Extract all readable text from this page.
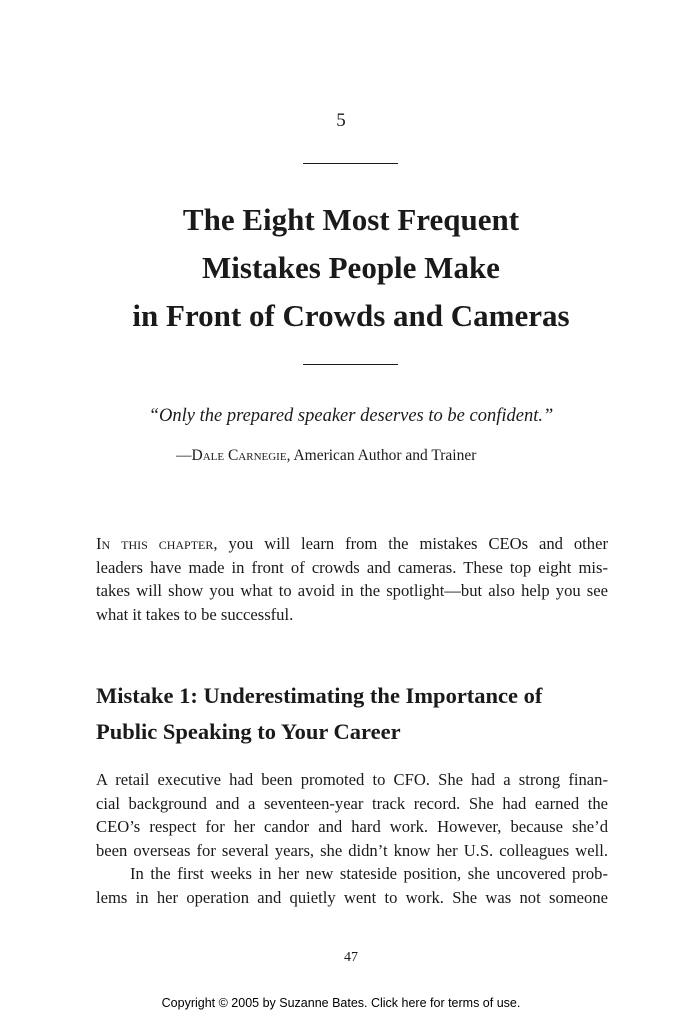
5
The Eight Most Frequent
Mistakes People Make
in Front of Crowds and Cameras
“Only the prepared speaker deserves to be confident.”
—Dale Carnegie, American Author and Trainer
In this chapter, you will learn from the mistakes CEOs and other
leaders have made in front of crowds and cameras. These top eight mis-
takes will show you what to avoid in the spotlight—but also help you see
what it takes to be successful.
Mistake 1: Underestimating the Importance of
Public Speaking to Your Career
A retail executive had been promoted to CFO. She had a strong finan-
cial background and a seventeen-year track record. She had earned the
CEO’s respect for her candor and hard work. However, because she’d
been overseas for several years, she didn’t know her U.S. colleagues well.
In the first weeks in her new stateside position, she uncovered prob-
lems in her operation and quietly went to work. She was not someone
47
Copyright © 2005 by Suzanne Bates. Click here for terms of use.
